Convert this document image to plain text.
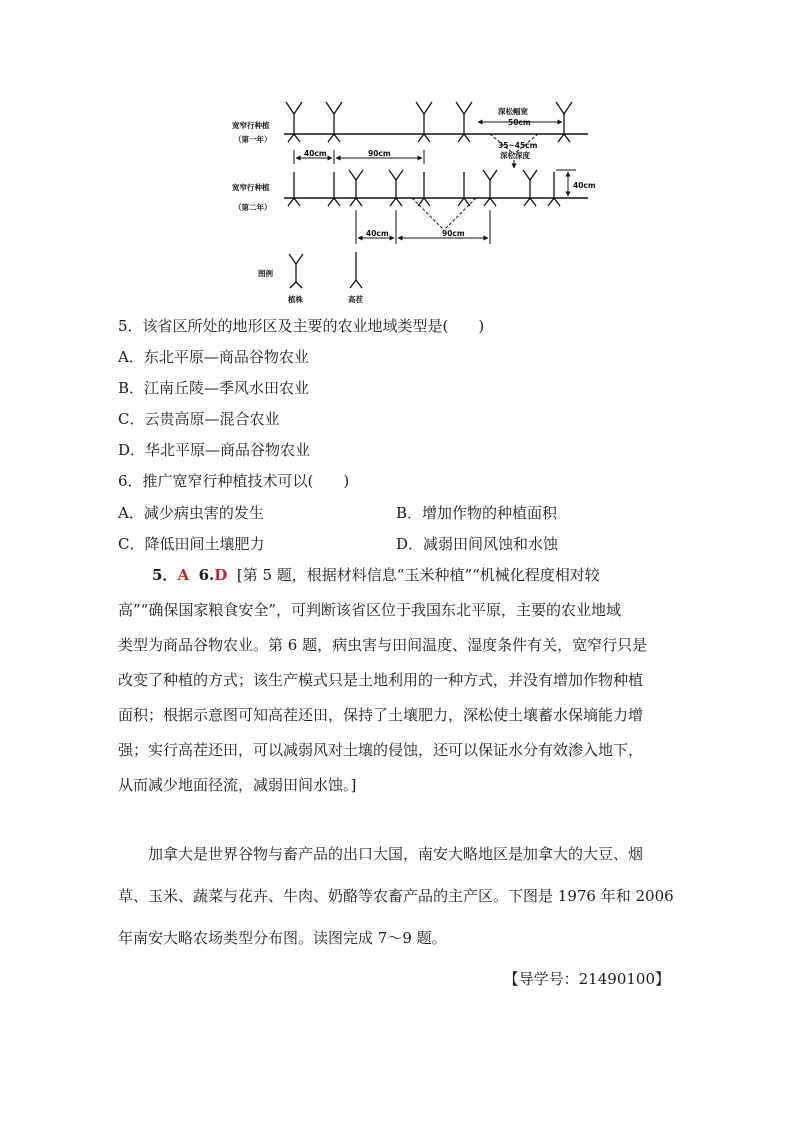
宽窄行种植
（第一年）
40cm	90cm
深松幅宽
50cm
35~45cm
深松深度
宽窄行种植
（第二年）
40cm
40cm	90cm
图例
植株	高茬
5．该省区所处的地形区及主要的农业地域类型是(　　)
A．东北平原—商品谷物农业
B．江南丘陵—季风水田农业
C．云贵高原—混合农业
D．华北平原—商品谷物农业
6．推广宽窄行种植技术可以(　　)
A．减少病虫害的发生	B．增加作物的种植面积
C．降低田间土壤肥力	D．减弱田间风蚀和水蚀
5．A 6.D [第 5 题，根据材料信息“玉米种植”“机械化程度相对较
高”“确保国家粮食安全”，可判断该省区位于我国东北平原，主要的农业地域
类型为商品谷物农业。第 6 题，病虫害与田间温度、湿度条件有关，宽窄行只是
改变了种植的方式；该生产模式只是土地利用的一种方式，并没有增加作物种植
面积；根据示意图可知高茬还田，保持了土壤肥力，深松使土壤蓄水保墒能力增
强；实行高茬还田，可以减弱风对土壤的侵蚀，还可以保证水分有效渗入地下，
从而减少地面径流，减弱田间水蚀。]
加拿大是世界谷物与畜产品的出口大国，南安大略地区是加拿大的大豆、烟
草、玉米、蔬菜与花卉、牛肉、奶酪等农畜产品的主产区。下图是 1976 年和 2006
年南安大略农场类型分布图。读图完成 7～9 题。
【导学号：21490100】
